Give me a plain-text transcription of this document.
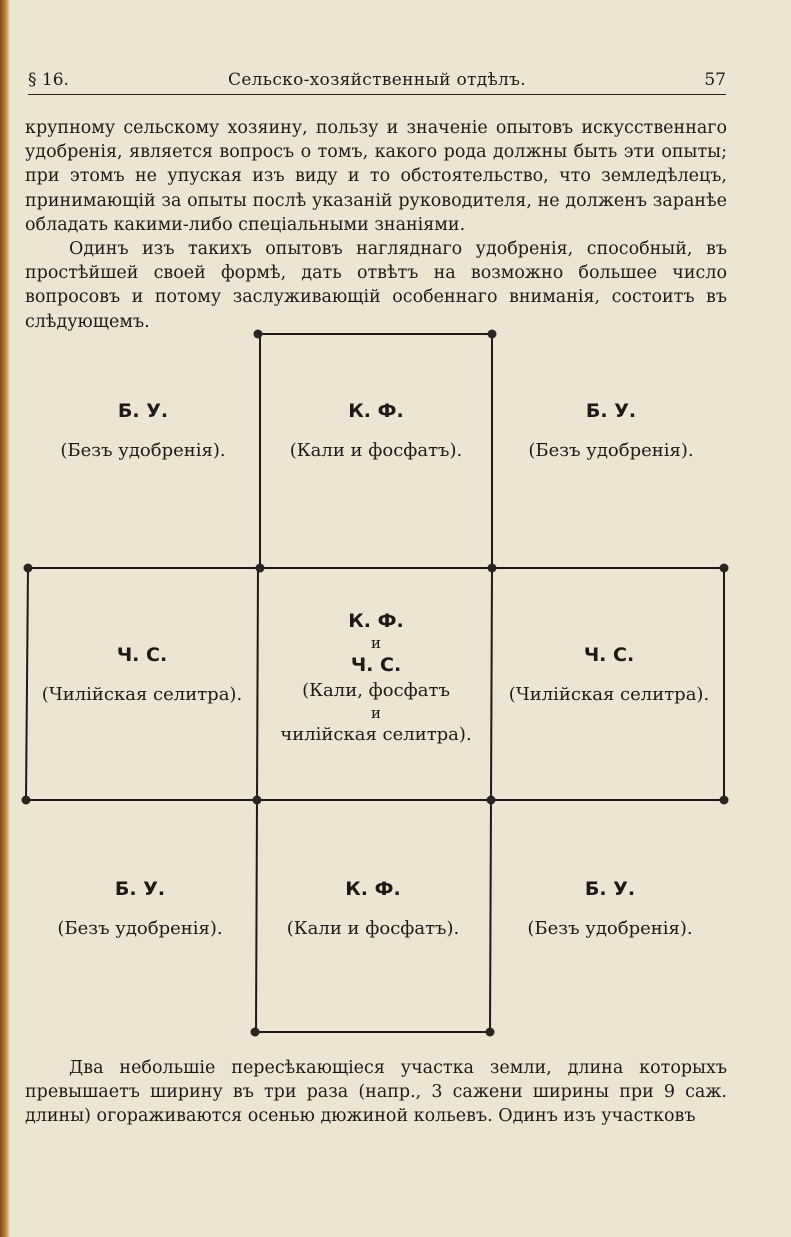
§ 16.	Сельско-хозяйственный отдѣлъ.	57
крупному сельскому хозяину, пользу и значеніе опытовъ искусственнаго удобренія, является вопросъ о томъ, какого рода должны быть эти опыты; при этомъ не упуская изъ виду и то обстоятельство, что земледѣлецъ, принимающій за опыты послѣ указаній руководителя, не долженъ заранѣе обладать какими-либо спеціальными знаніями.
Одинъ изъ такихъ опытовъ нагляднаго удобренія, способный, въ простѣйшей своей формѣ, дать отвѣтъ на возможно большее число вопросовъ и потому заслуживающій особеннаго вниманія, состоитъ въ слѣдующемъ.
Б. У.
(Безъ удобренія).
К. Ф.
(Кали и фосфатъ).
Б. У.
(Безъ удобренія).
Ч. С.
(Чилійская селитра).
К. Ф.
и
Ч. С.
(Кали, фосфатъ
и
чилійская селитра).
Ч. С.
(Чилійская селитра).
Б. У.
(Безъ удобренія).
К. Ф.
(Кали и фосфатъ).
Б. У.
(Безъ удобренія).
Два небольшіе пересѣкающіеся участка земли, длина которыхъ превышаетъ ширину въ три раза (напр., 3 сажени ширины при 9 саж. длины) огораживаются осенью дюжиной кольевъ. Одинъ изъ участковъ
